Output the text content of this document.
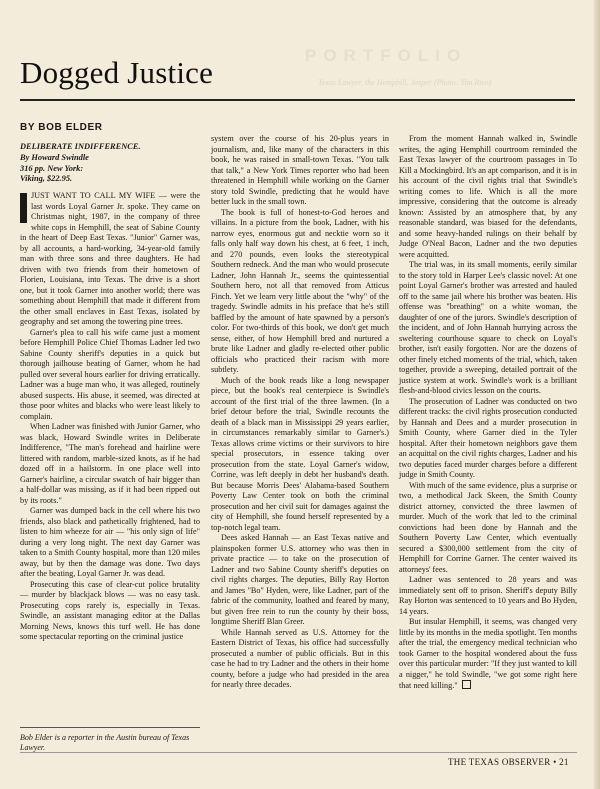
PORTFOLIO
Texas Lawyer, the Hemphill, Jasper (Photo: Tim Rice)
Dogged Justice
BY BOB ELDER

DELIBERATE INDIFFERENCE.
By Howard Swindle
316 pp. New York:
Viking, $22.95.

JUST WANT TO CALL MY WIFE — were the last words Loyal Garner Jr. spoke. They came on Christmas night, 1987, in the company of three white cops in Hemphill, the seat of Sabine County in the heart of Deep East Texas. "Junior" Garner was, by all accounts, a hard-working, 34-year-old family man with three sons and three daughters. He had driven with two friends from their hometown of Florien, Louisiana, into Texas. The drive is a short one, but it took Garner into another world; there was something about Hemphill that made it different from the other small enclaves in East Texas, isolated by geography and set among the towering pine trees.

Garner's plea to call his wife came just a moment before Hemphill Police Chief Thomas Ladner led two Sabine County sheriff's deputies in a quick but thorough jailhouse beating of Garner, whom he had pulled over several hours earlier for driving erratically. Ladner was a huge man who, it was alleged, routinely abused suspects. His abuse, it seemed, was directed at those poor whites and blacks who were least likely to complain.

When Ladner was finished with Junior Garner, who was black, Howard Swindle writes in Deliberate Indifference, "The man's forehead and hairline were littered with random, marble-sized knots, as if he had dozed off in a hailstorm. In one place well into Garner's hairline, a circular swatch of hair bigger than a half-dollar was missing, as if it had been ripped out by its roots."

Garner was dumped back in the cell where his two friends, also black and pathetically frightened, had to listen to him wheeze for air — "his only sign of life" during a very long night. The next day Garner was taken to a Smith County hospital, more than 120 miles away, but by then the damage was done. Two days after the beating, Loyal Garner Jr. was dead.

Prosecuting this case of clear-cut police brutality — murder by blackjack blows — was no easy task. Prosecuting cops rarely is, especially in Texas. Swindle, an assistant managing editor at the Dallas Morning News, knows this turf well. He has done some spectacular reporting on the criminal justice

system over the course of his 20-plus years in journalism, and, like many of the characters in this book, he was raised in small-town Texas. "You talk that talk," a New York Times reporter who had been threatened in Hemphill while working on the Garner story told Swindle, predicting that he would have better luck in the small town.

The book is full of honest-to-God heroes and villains. In a picture from the book, Ladner, with his narrow eyes, enormous gut and necktie worn so it falls only half way down his chest, at 6 feet, 1 inch, and 270 pounds, even looks the stereotypical Southern redneck. And the man who would prosecute Ladner, John Hannah Jr., seems the quintessential Southern hero, not all that removed from Atticus Finch. Yet we learn very little about the "why" of the tragedy. Swindle admits in his preface that he's still baffled by the amount of hate spawned by a person's color. For two-thirds of this book, we don't get much sense, either, of how Hemphill bred and nurtured a brute like Ladner and gladly re-elected other public officials who practiced their racism with more subtlety.

Much of the book reads like a long newspaper piece, but the book's real centerpiece is Swindle's account of the first trial of the three lawmen. (In a brief detour before the trial, Swindle recounts the death of a black man in Mississippi 29 years earlier, in circumstances remarkably similar to Garner's.) Texas allows crime victims or their survivors to hire special prosecutors, in essence taking over prosecution from the state. Loyal Garner's widow, Corrine, was left deeply in debt her husband's death. But because Morris Dees' Alabama-based Southern Poverty Law Center took on both the criminal prosecution and her civil suit for damages against the city of Hemphill, she found herself represented by a top-notch legal team.

Dees asked Hannah — an East Texas native and plainspoken former U.S. attorney who was then in private practice — to take on the prosecution of Ladner and two Sabine County sheriff's deputies on civil rights charges. The deputies, Billy Ray Horton and James "Bo" Hyden, were, like Ladner, part of the fabric of the community, loathed and feared by many, but given free rein to run the county by their boss, longtime Sheriff Blan Greer.

While Hannah served as U.S. Attorney for the Eastern District of Texas, his office had successfully prosecuted a number of public officials. But in this case he had to try Ladner and the others in their home county, before a judge who had presided in the area for nearly three decades.

From the moment Hannah walked in, Swindle writes, the aging Hemphill courtroom reminded the East Texas lawyer of the courtroom passages in To Kill a Mockingbird. It's an apt comparison, and it is in his account of the civil rights trial that Swindle's writing comes to life. Which is all the more impressive, considering that the outcome is already known: Assisted by an atmosphere that, by any reasonable standard, was biased for the defendants, and some heavy-handed rulings on their behalf by Judge O'Neal Bacon, Ladner and the two deputies were acquitted.

The trial was, in its small moments, eerily similar to the story told in Harper Lee's classic novel: At one point Loyal Garner's brother was arrested and hauled off to the same jail where his brother was beaten. His offense was "breathing" on a white woman, the daughter of one of the jurors. Swindle's description of the incident, and of John Hannah hurrying across the sweltering courthouse square to check on Loyal's brother, isn't easily forgotten. Nor are the dozens of other finely etched moments of the trial, which, taken together, provide a sweeping, detailed portrait of the justice system at work. Swindle's work is a brilliant flesh-and-blood civics lesson on the courts.

The prosecution of Ladner was conducted on two different tracks: the civil rights prosecution conducted by Hannah and Dees and a murder prosecution in Smith County, where Garner died in the Tyler hospital. After their hometown neighbors gave them an acquittal on the civil rights charges, Ladner and his two deputies faced murder charges before a different judge in Smith County.

With much of the same evidence, plus a surprise or two, a methodical Jack Skeen, the Smith County district attorney, convicted the three lawmen of murder. Much of the work that led to the criminal convictions had been done by Hannah and the Southern Poverty Law Center, which eventually secured a $300,000 settlement from the city of Hemphill for Corrine Garner. The center waived its attorneys' fees.

Ladner was sentenced to 28 years and was immediately sent off to prison. Sheriff's deputy Billy Ray Horton was sentenced to 10 years and Bo Hyden, 14 years.

But insular Hemphill, it seems, was changed very little by its months in the media spotlight. Ten months after the trial, the emergency medical technician who took Garner to the hospital wondered about the fuss over this particular murder: "If they just wanted to kill a nigger," he told Swindle, "we got some right here that need killing."

Bob Elder is a reporter in the Austin bureau of Texas Lawyer.
THE TEXAS OBSERVER • 21
